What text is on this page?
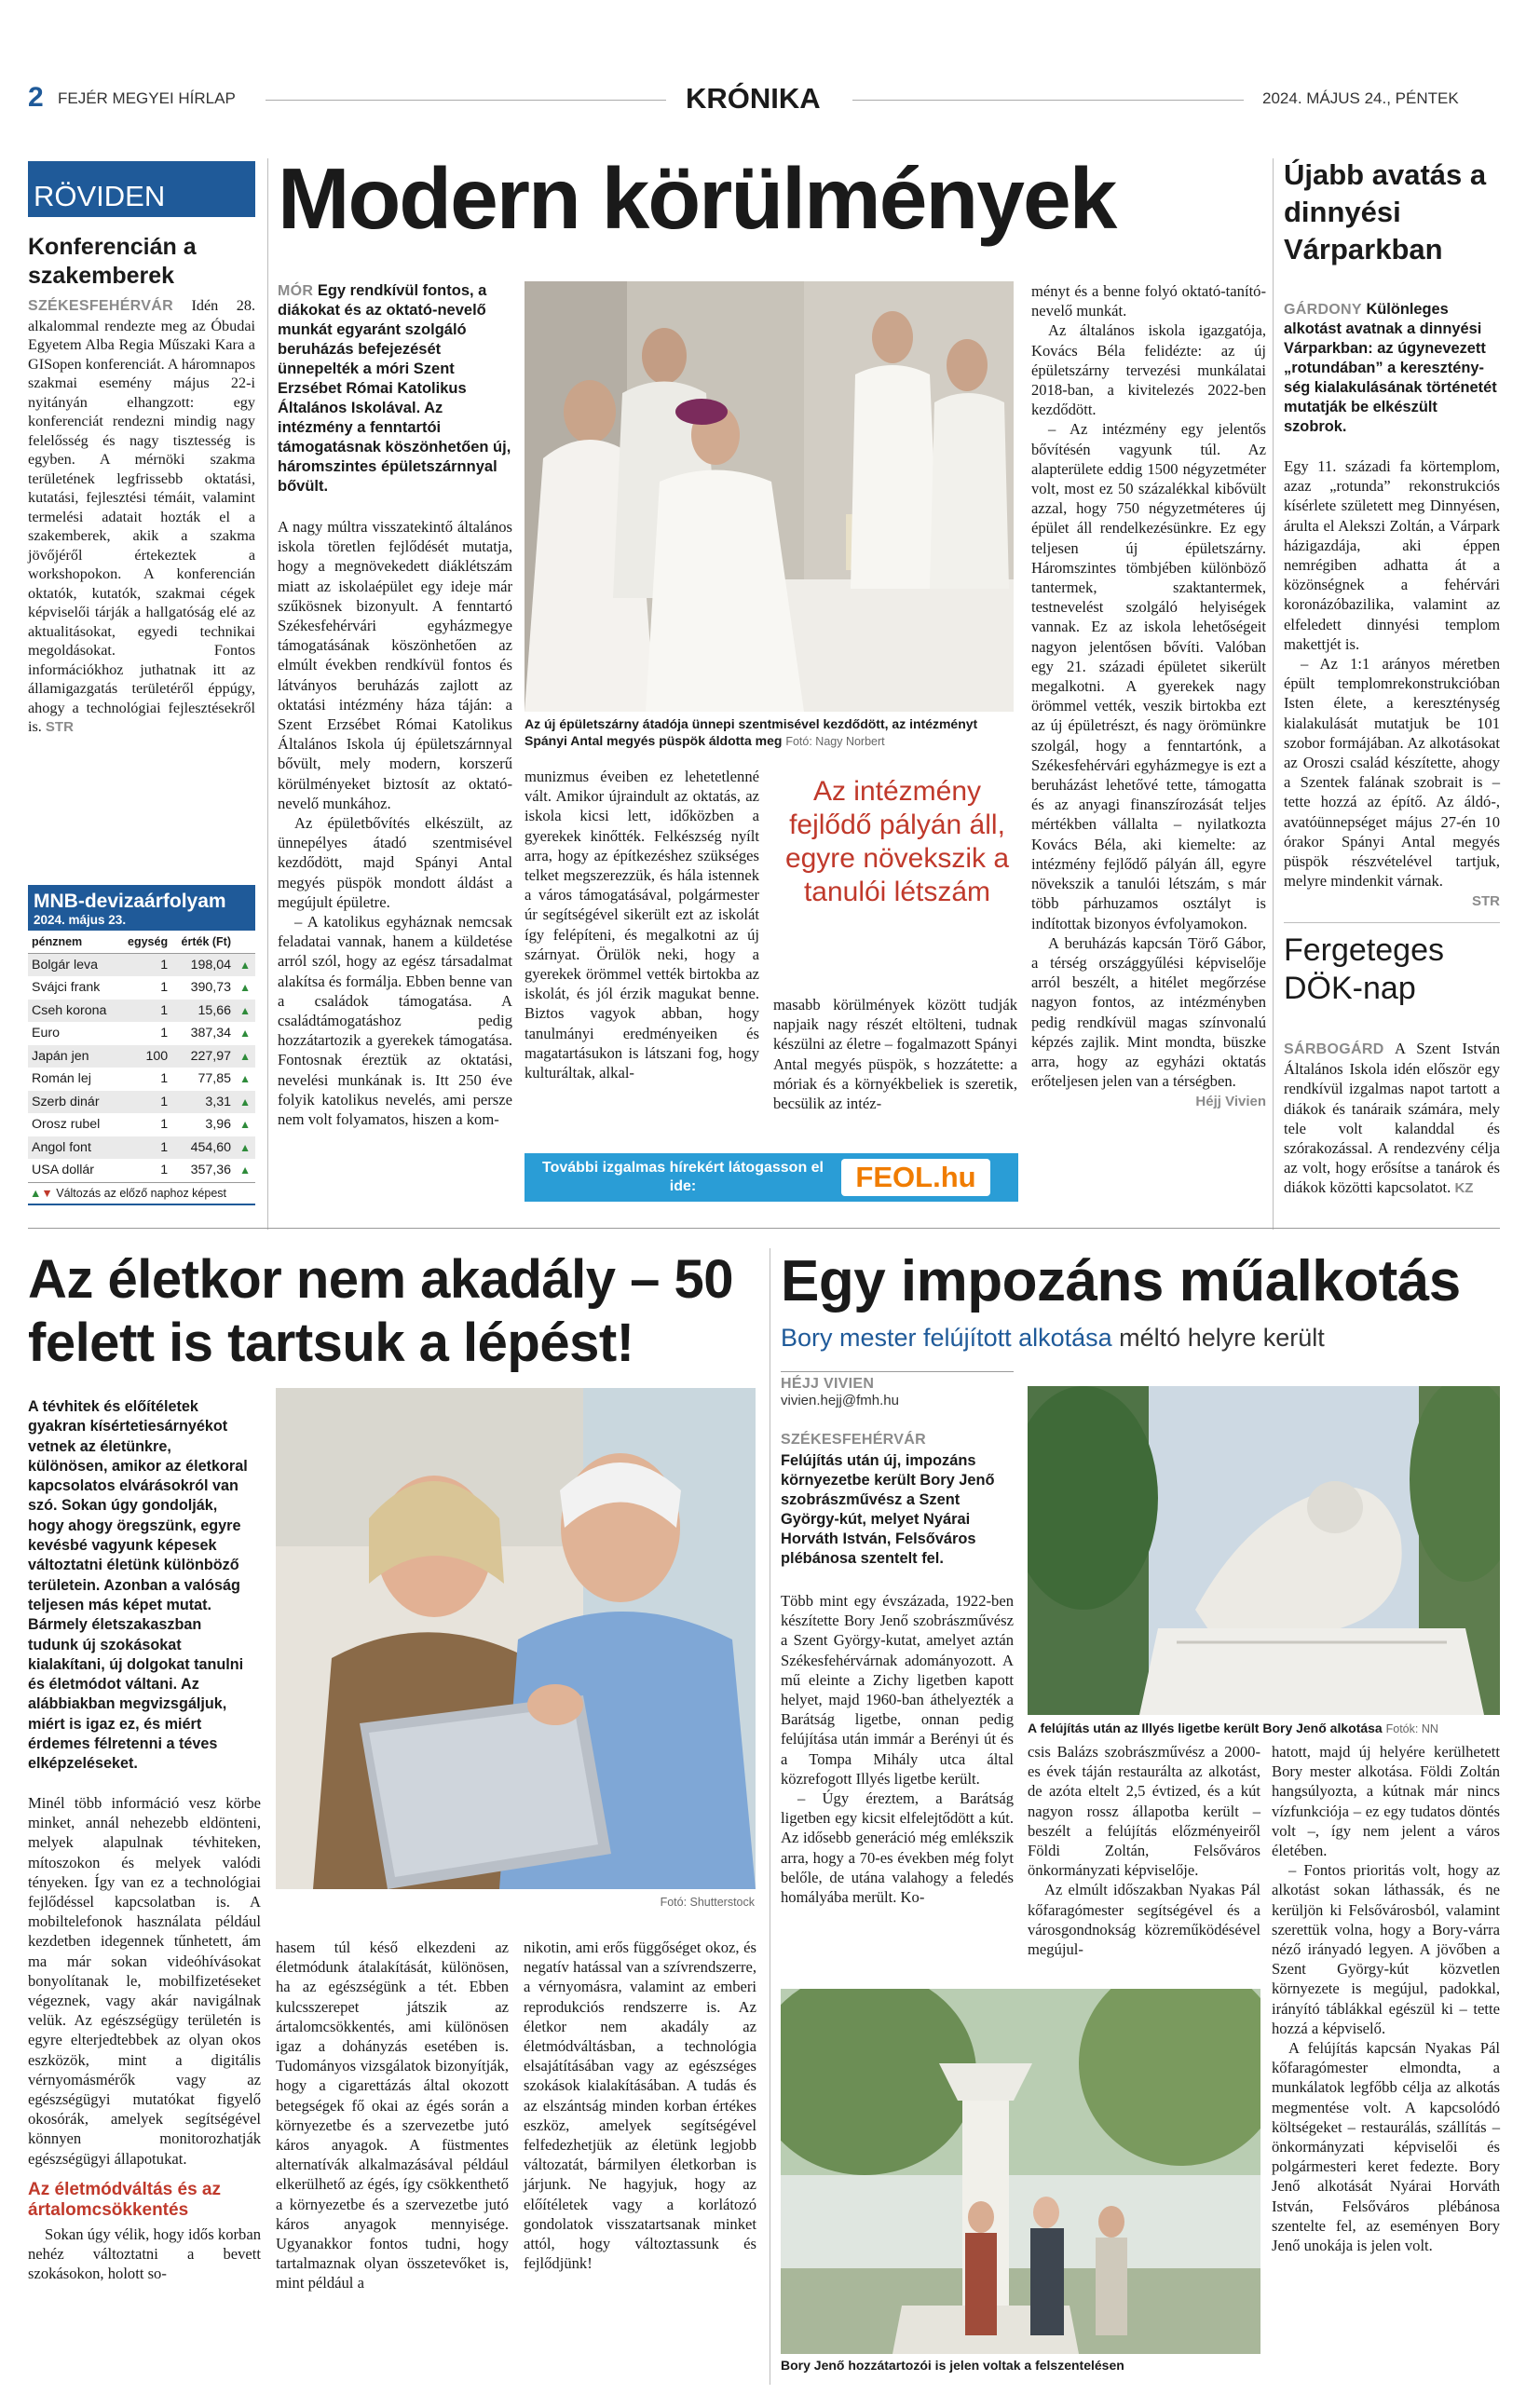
2 FEJÉR MEGYEI HÍRLAP	KRÓNIKA	2024. MÁJUS 24., PÉNTEK
RÖVIDEN
Konferencián a szakemberek
SZÉKESFEHÉRVÁR Idén 28. alkalommal rendezte meg az Óbudai Egyetem Alba Regia Műszaki Kara a GISopen konferenciát. A háromnapos szakmai esemény május 22-i nyitányán elhangzott: egy konferenciát rendezni mindig nagy felelősség és nagy tisztesség is egyben. A mérnöki szakma területének legfrissebb oktatási, kutatási, fejlesztési témáit, valamint termelési adatait hozták el a szakemberek, akik a szakma jövőjéről értekeztek a workshopokon. A konferencián oktatók, kutatók, szakmai cégek képviselői tárják a hallgatóság elé az aktualitásokat, egyedi technikai megoldásokat. Fontos információkhoz juthatnak itt az államigazgatás területéről éppúgy, ahogy a technológiai fejlesztésekről is. STR
MNB-devizaárfolyam
2024. május 23.
pénznem	egység	érték (Ft)	
Bolgár leva	1	198,04	▲
Svájci frank	1	390,73	▲
Cseh korona	1	15,66	▲
Euro	1	387,34	▲
Japán jen	100	227,97	▲
Román lej	1	77,85	▲
Szerb dinár	1	3,31	▲
Orosz rubel	1	3,96	▲
Angol font	1	454,60	▲
USA dollár	1	357,36	▲
▲▼ Változás az előző naphoz képest
Modern körülmények
MÓR Egy rendkívül fontos, a diákokat és az oktató-nevelő munkát egyaránt szolgáló beruházás befejezését ünnepelték a móri Szent Erzsébet Római Katolikus Általános Iskolával. Az intézmény a fenntartói támogatásnak köszönhetően új, háromszintes épületszárnnyal bővült.

A nagy múltra visszatekintő általános iskola töretlen fejlődését mutatja, hogy a megnövekedett diáklétszám miatt az iskolaépület egy ideje már szűkösnek bizonyult. A fenntartó Székesfehérvári egyházmegye támogatásának köszönhetően az elmúlt években rendkívül fontos és látványos beruházás zajlott az oktatási intézmény háza táján: a Szent Erzsébet Római Katolikus Általános Iskola új épületszárnnyal bővült, mely modern, korszerű körülményeket biztosít az oktató-nevelő munkához.

Az épületbővítés elkészült, az ünnepélyes átadó szentmisével kezdődött, majd Spányi Antal megyés püspök mondott áldást a megújult épületre.

– A katolikus egyháznak nemcsak feladatai vannak, hanem a küldetése arról szól, hogy az egész társadalmat alakítsa és formálja. Ebben benne van a családok támogatása. A családtámogatáshoz pedig hozzátartozik a gyerekek támogatása. Fontosnak éreztük az oktatási, nevelési munkának is. Itt 250 éve folyik katolikus nevelés, ami persze nem volt folyamatos, hiszen a kom-

Az új épületszárny átadója ünnepi szentmisével kezdődött, az intézményt Spányi Antal megyés püspök áldotta meg Fotó: Nagy Norbert

munizmus éveiben ez lehetetlenné vált. Amikor újraindult az oktatás, az iskola kicsi lett, időközben a gyerekek kinőtték. Felkészség nyílt arra, hogy az építkezéshez szükséges telket megszerezzük, és hála istennek a város támogatásával, polgármester úr segítségével sikerült ezt az iskolát így felépíteni, és megalkotni az új szárnyat. Örülök neki, hogy a gyerekek örömmel vették birtokba az iskolát, és jól érzik magukat benne. Biztos vagyok abban, hogy tanulmányi eredményeiken és magatartásukon is látszani fog, hogy kulturáltak, alkal-

Az intézmény fejlődő pályán áll, egyre növekszik a tanulói létszám

masabb körülmények között tudják napjaik nagy részét eltölteni, tudnak készülni az életre – fogalmazott Spányi Antal megyés püspök, s hozzátette: a móriak és a környékbeliek is szeretik, becsülik az intéz-

További izgalmas hírekért látogasson el ide:	FEOL.hu

ményt és a benne folyó oktató-tanító-nevelő munkát.

Az általános iskola igazgatója, Kovács Béla felidézte: az új épületszárny tervezési munkálatai 2018-ban, a kivitelezés 2022-ben kezdődött.

– Az intézmény egy jelentős bővítésén vagyunk túl. Az alapterülete eddig 1500 négyzetméter volt, most ez 50 százalékkal kibővült azzal, hogy 750 négyzetméteres új épület áll rendelkezésünkre. Ez egy teljesen új épületszárny. Háromszintes tömbjében különböző tantermek, szaktantermek, testnevelést szolgáló helyiségek vannak. Ez az iskola lehetőségeit nagyon jelentősen bővíti. Valóban egy 21. századi épületet sikerült megalkotni. A gyerekek nagy örömmel vették, veszik birtokba ezt az új épületrészt, és nagy örömünkre szolgál, hogy a fenntartónk, a Székesfehérvári egyházmegye is ezt a beruházást lehetővé tette, támogatta és az anyagi finanszírozását teljes mértékben vállalta – nyilatkozta Kovács Béla, aki kiemelte: az intézmény fejlődő pályán áll, egyre növekszik a tanulói létszám, s már több párhuzamos osztályt is indítottak bizonyos évfolyamokon.

A beruházás kapcsán Törő Gábor, a térség országgyűlési képviselője arról beszélt, a hitélet megőrzése nagyon fontos, az intézményben pedig rendkívül magas színvonalú képzés zajlik. Mint mondta, büszke arra, hogy az egyházi oktatás erőteljesen jelen van a térségben.

Héjj Vivien
Újabb avatás a dinnyési Várparkban
GÁRDONY Különleges alkotást avatnak a dinnyési Várparkban: az úgynevezett „rotundában” a kereszténység kialakulásának történetét mutatják be elkészült szobrok.

Egy 11. századi fa körtemplom, azaz „rotunda” rekonstrukciós kísérlete született meg Dinnyésen, árulta el Alekszi Zoltán, a Várpark házigazdája, aki éppen nemrégiben adhatta át a közönségnek a fehérvári koronázóbazilika, valamint az elfeledett dinnyési templom makettjét is.

– Az 1:1 arányos méretben épült templomrekonstrukcióban Isten élete, a kereszténység kialakulását mutatjuk be 101 szobor formájában. Az alkotásokat az Oroszi család készítette, ahogy a Szentek falának szobrait is – tette hozzá az építő. Az áldó-, avatóünnepséget május 27-én 10 órakor Spányi Antal megyés püspök részvételével tartjuk, melyre mindenkit várnak.

STR
Fergeteges DÖK-nap

SÁRBOGÁRD A Szent István Általános Iskola idén először egy rendkívül izgalmas napot tartott a diákok és tanáraik számára, mely tele volt kalanddal és szórakozással. A rendezvény célja az volt, hogy erősítse a tanárok és diákok közötti kapcsolatot. KZ

Az életkor nem akadály – 50 felett is tartsuk a lépést!
A tévhitek és előítéletek gyakran kísértetiesárnyékot vetnek az életünkre, különösen, amikor az életkoral kapcsolatos elvárásokról van szó. Sokan úgy gondolják, hogy ahogy öregszünk, egyre kevésbé vagyunk képesek változtatni életünk különböző területein. Azonban a valóság teljesen más képet mutat. Bármely életszakaszban tudunk új szokásokat kialakítani, új dolgokat tanulni és életmódot váltani. Az alábbiakban megvizsgáljuk, miért is igaz ez, és miért érdemes félretenni a téves elképzeléseket.
Fotó: Shutterstock

Minél több információ vesz körbe minket, annál nehezebb eldönteni, melyek alapulnak tévhiteken, mítoszokon és melyek valódi tényeken. Így van ez a technológiai fejlődéssel kapcsolatban is. A mobiltelefonok használata például kezdetben idegennek tűnhetett, ám ma már sokan videóhívásokat bonyolítanak le, mobilfizetéseket végeznek, vagy akár navigálnak velük. Az egészségügy területén is egyre elterjedtebbek az olyan okos eszközök, mint a digitális vérnyomásmérők vagy az egészségügyi mutatókat figyelő okosórák, amelyek segítségével könnyen monitorozhatják egészségügyi állapotukat.

Az életmódváltás és az ártalomcsökkentés

Sokan úgy vélik, hogy idős korban nehéz változtatni a bevett szokásokon, holott so-

hasem túl késő elkezdeni az életmódunk átalakítását, különösen, ha az egészségünk a tét. Ebben kulcsszerepet játszik az ártalomcsökkentés, ami különösen igaz a dohányzás esetében is. Tudományos vizsgálatok bizonyítják, hogy a cigarettázás által okozott betegségek fő okai az égés során a környezetbe és a szervezetbe jutó káros anyagok. A füstmentes alternatívák alkalmazásával például elkerülhető az égés, így csökkenthető a környezetbe és a szervezetbe jutó káros anyagok mennyisége. Ugyanakkor fontos tudni, hogy tartalmaznak olyan összetevőket is, mint például a

nikotin, ami erős függőséget okoz, és negatív hatással van a szívrendszerre, a vérnyomásra, valamint az emberi reprodukciós rendszerre is. Az életkor nem akadály az életmódváltásban, a technológia elsajátításában vagy az egészséges szokások kialakításában. A tudás és az elszántság minden korban értékes eszköz, amelyek segítségével felfedezhetjük az életünk legjobb változatát, bármilyen életkorban is járjunk. Ne hagyjuk, hogy az előítéletek vagy a korlátozó gondolatok visszatartsanak minket attól, hogy változtassunk és fejlődjünk!

Egy impozáns műalkotás
Bory mester felújított alkotása méltó helyre került
HÉJJ VIVIEN
vivien.hejj@fmh.hu
SZÉKESFEHÉRVÁR
Felújítás után új, impozáns környezetbe került Bory Jenő szobrászművész a Szent György-kút, melyet Nyárai Horváth István, Felsőváros plébánosa szentelt fel.

Több mint egy évszázada, 1922-ben készítette Bory Jenő szobrászművész a Szent György-kutat, amelyet aztán Székesfehérvárnak adományozott. A mű eleinte a Zichy ligetben kapott helyet, majd 1960-ban áthelyezték a Barátság ligetbe, onnan pedig felújítása után immár a Berényi út és a Tompa Mihály utca által közrefogott Illyés ligetbe került.

– Úgy éreztem, a Barátság ligetben egy kicsit elfelejtődött a kút. Az idősebb generáció még emlékszik arra, hogy a 70-es években még folyt belőle, de utána valahogy a feledés homályába merült. Ko-

A felújítás után az Illyés ligetbe került Bory Jenő alkotása Fotók: NN

csis Balázs szobrászművész a 2000-es évek táján restaurálta az alkotást, de azóta eltelt 2,5 évtized, és a kút nagyon rossz állapotba került – beszélt a felújítás előzményeiről Földi Zoltán, Felsőváros önkormányzati képviselője.

Az elmúlt időszakban Nyakas Pál kőfaragómester segítségével és a városgondnokság közreműködésével megújul-

hatott, majd új helyére kerülhetett Bory mester alkotása. Földi Zoltán hangsúlyozta, a kútnak már nincs vízfunkciója – ez egy tudatos döntés volt –, így nem jelent a város életében.

– Fontos prioritás volt, hogy az alkotást sokan láthassák, és ne kerüljön ki Felsővárosból, valamint szerettük volna, hogy a Bory-várra néző irányadó legyen. A jövőben a Szent György-kút közvetlen környezete is megújul, padokkal, irányító táblákkal egészül ki – tette hozzá a képviselő.

A felújítás kapcsán Nyakas Pál kőfaragómester elmondta, a munkálatok legfőbb célja az alkotás megmentése volt. A kapcsolódó költségeket – restaurálás, szállítás – önkormányzati képviselői és polgármesteri keret fedezte. Bory Jenő alkotását Nyárai Horváth István, Felsőváros plébánosa szentelte fel, az eseményen Bory Jenő unokája is jelen volt.

Bory Jenő hozzátartozói is jelen voltak a felszentelésen
